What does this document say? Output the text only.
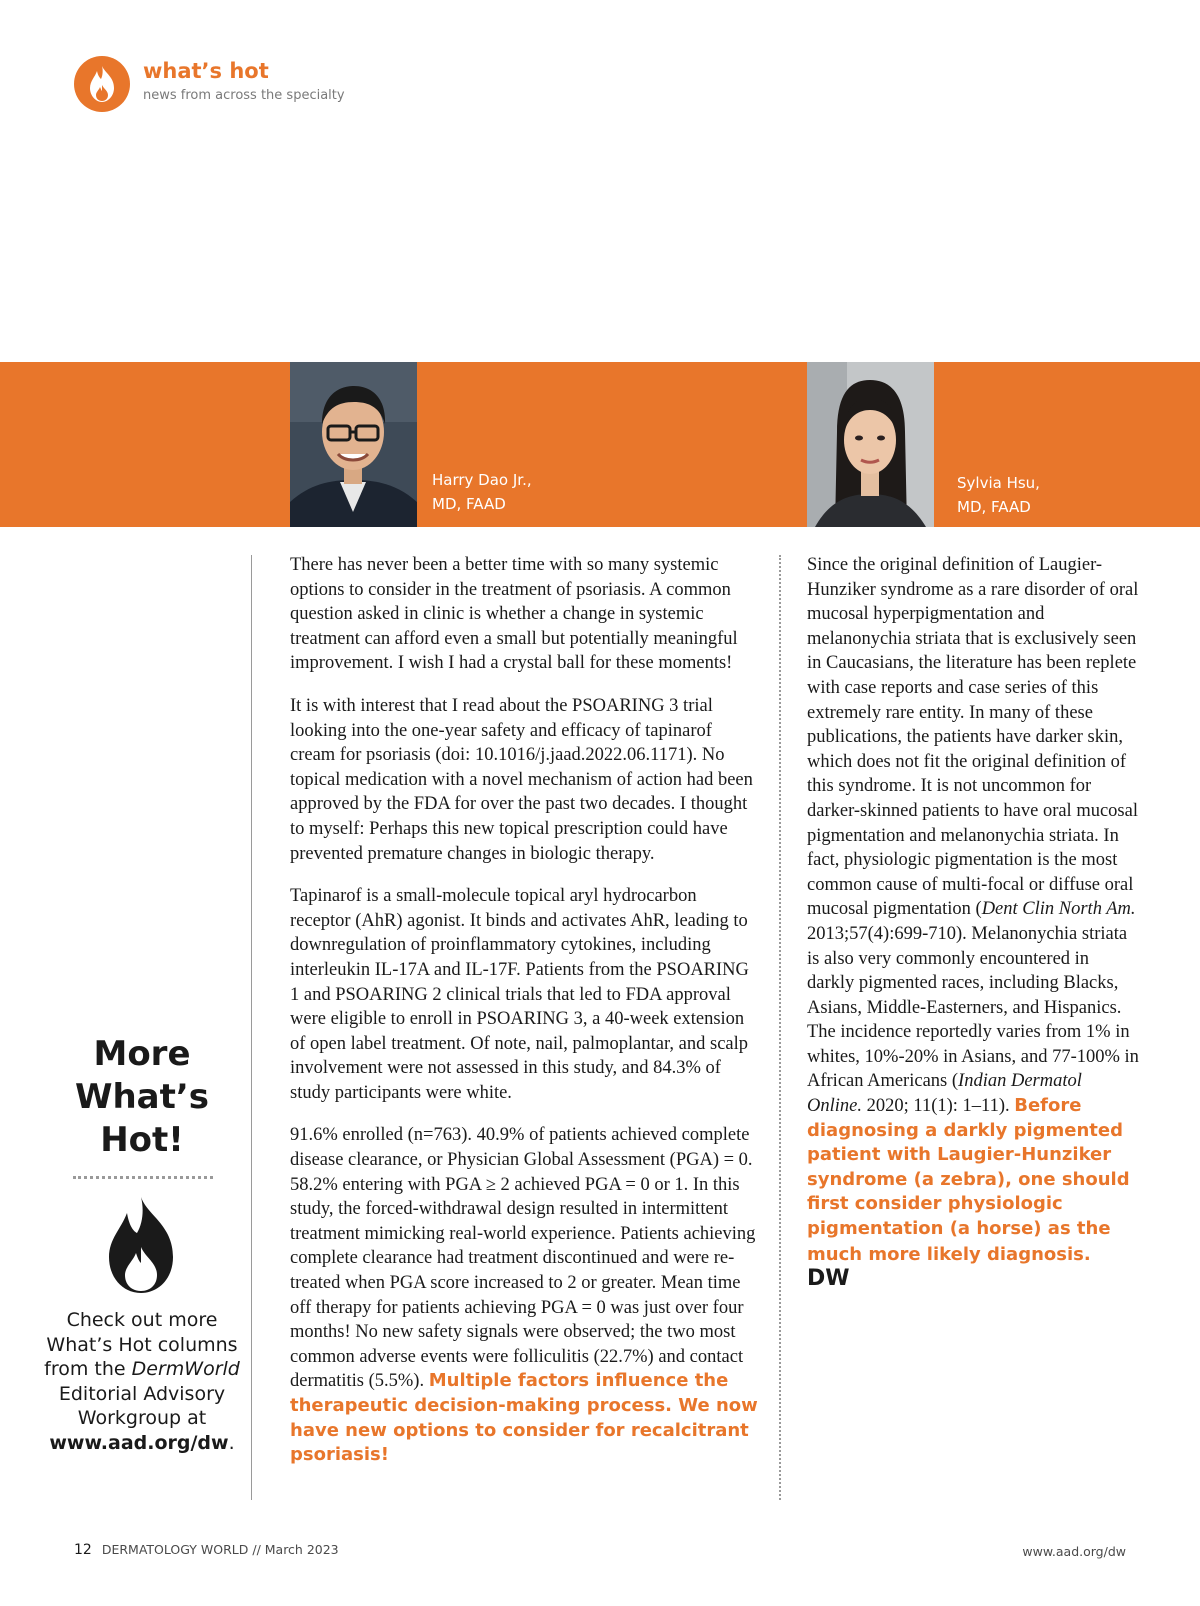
what’s hot
news from across the specialty
Harry Dao Jr.,
MD, FAAD
Sylvia Hsu,
MD, FAAD
More
What’s
Hot!
Check out more What’s Hot columns from the DermWorld Editorial Advisory Workgroup at www.aad.org/dw.

There has never been a better time with so many systemic options to consider in the treatment of psoriasis. A common question asked in clinic is whether a change in systemic treatment can afford even a small but potentially meaningful improvement. I wish I had a crystal ball for these moments!

It is with interest that I read about the PSOARING 3 trial looking into the one-year safety and efficacy of tapinarof cream for psoriasis (doi: 10.1016/j.jaad.2022.06.1171). No topical medication with a novel mechanism of action had been approved by the FDA for over the past two decades. I thought to myself: Perhaps this new topical prescription could have prevented premature changes in biologic therapy.

Tapinarof is a small-molecule topical aryl hydrocarbon receptor (AhR) agonist. It binds and activates AhR, leading to downregulation of proinflammatory cytokines, including interleukin IL-17A and IL-17F. Patients from the PSOARING 1 and PSOARING 2 clinical trials that led to FDA approval were eligible to enroll in PSOARING 3, a 40-week extension of open label treatment. Of note, nail, palmoplantar, and scalp involvement were not assessed in this study, and 84.3% of study participants were white.

91.6% enrolled (n=763). 40.9% of patients achieved complete disease clearance, or Physician Global Assessment (PGA) = 0. 58.2% entering with PGA ≥ 2 achieved PGA = 0 or 1. In this study, the forced-withdrawal design resulted in intermittent treatment mimicking real-world experience. Patients achieving complete clearance had treatment discontinued and were re-treated when PGA score increased to 2 or greater. Mean time off therapy for patients achieving PGA = 0 was just over four months! No new safety signals were observed; the two most common adverse events were folliculitis (22.7%) and contact dermatitis (5.5%). Multiple factors influence the therapeutic decision-making process. We now have new options to consider for recalcitrant psoriasis!

Since the original definition of Laugier-Hunziker syndrome as a rare disorder of oral mucosal hyperpigmentation and melanonychia striata that is exclusively seen in Caucasians, the literature has been replete with case reports and case series of this extremely rare entity. In many of these publications, the patients have darker skin, which does not fit the original definition of this syndrome. It is not uncommon for darker-skinned patients to have oral mucosal pigmentation and melanonychia striata. In fact, physiologic pigmentation is the most common cause of multi-focal or diffuse oral mucosal pigmentation (Dent Clin North Am. 2013;57(4):699-710). Melanonychia striata is also very commonly encountered in darkly pigmented races, including Blacks, Asians, Middle-Easterners, and Hispanics. The incidence reportedly varies from 1% in whites, 10%-20% in Asians, and 77-100% in African Americans (Indian Dermatol Online. 2020; 11(1): 1–11). Before diagnosing a darkly pigmented patient with Laugier-Hunziker syndrome (a zebra), one should first consider physiologic pigmentation (a horse) as the much more likely diagnosis. DW

12 DERMATOLOGY WORLD // March 2023	www.aad.org/dw
